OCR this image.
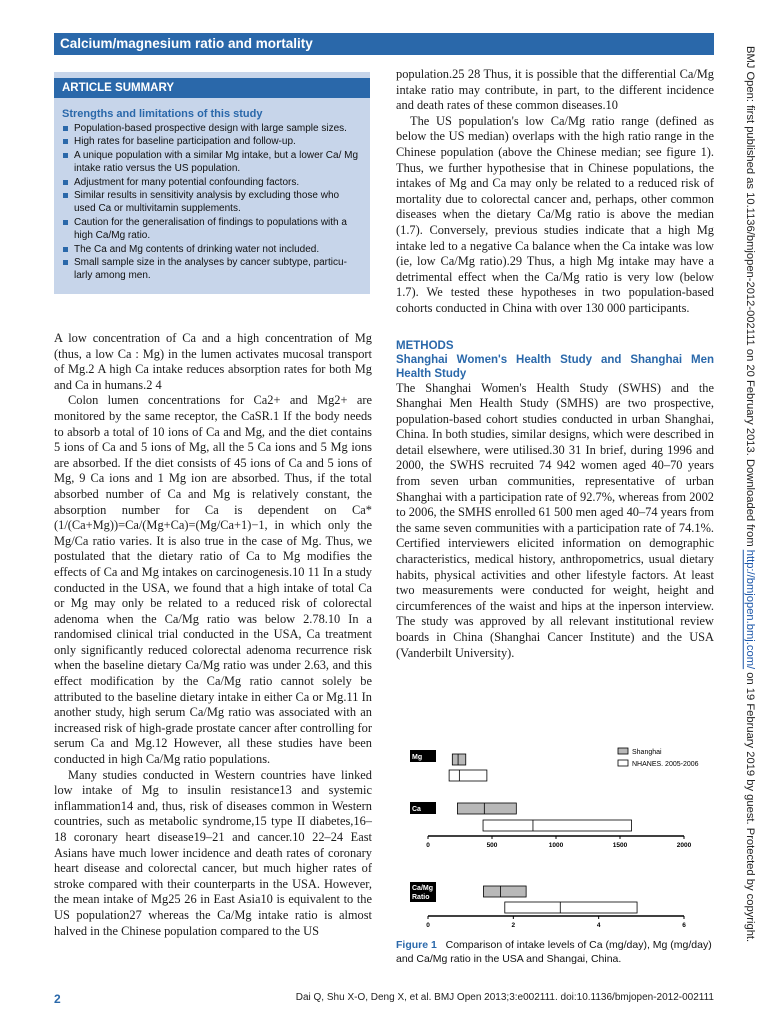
Calcium/magnesium ratio and mortality
BMJ Open: first published as 10.1136/bmjopen-2012-002111 on 20 February 2013. Downloaded from http://bmjopen.bmj.com/ on 19 February 2019 by guest. Protected by copyright.
ARTICLE SUMMARY
Strengths and limitations of this study
Population-based prospective design with large sample sizes.
High rates for baseline participation and follow-up.
A unique population with a similar Mg intake, but a lower Ca/ Mg intake ratio versus the US population.
Adjustment for many potential confounding factors.
Similar results in sensitivity analysis by excluding those who used Ca or multivitamin supplements.
Caution for the generalisation of findings to populations with a high Ca/Mg ratio.
The Ca and Mg contents of drinking water not included.
Small sample size in the analyses by cancer subtype, particu- larly among men.

A low concentration of Ca and a high concentration of Mg (thus, a low Ca : Mg) in the lumen activates mucosal transport of Mg.2 A high Ca intake reduces absorption rates for both Mg and Ca in humans.2 4

Colon lumen concentrations for Ca2+ and Mg2+ are monitored by the same receptor, the CaSR.1 If the body needs to absorb a total of 10 ions of Ca and Mg, and the diet contains 5 ions of Ca and 5 ions of Mg, all the 5 Ca ions and 5 Mg ions are absorbed. If the diet consists of 45 ions of Ca and 5 ions of Mg, 9 Ca ions and 1 Mg ion are absorbed. Thus, if the total absorbed number of Ca and Mg is relatively constant, the absorption number for Ca is dependent on Ca*(1/(Ca+Mg))=Ca/(Mg+Ca)=(Mg/Ca+1)−1, in which only the Mg/Ca ratio varies. It is also true in the case of Mg. Thus, we postulated that the dietary ratio of Ca to Mg modifies the effects of Ca and Mg intakes on carcinogenesis.10 11 In a study conducted in the USA, we found that a high intake of total Ca or Mg may only be related to a reduced risk of colorectal adenoma when the Ca/Mg ratio was below 2.78.10 In a randomised clinical trial conducted in the USA, Ca treatment only significantly reduced colorectal adenoma recurrence risk when the baseline dietary Ca/Mg ratio was under 2.63, and this effect modification by the Ca/Mg ratio cannot solely be attributed to the baseline dietary intake in either Ca or Mg.11 In another study, high serum Ca/Mg ratio was associated with an increased risk of high-grade prostate cancer after controlling for serum Ca and Mg.12 However, all these studies have been conducted in high Ca/Mg ratio populations.

Many studies conducted in Western countries have linked low intake of Mg to insulin resistance13 and systemic inflammation14 and, thus, risk of diseases common in Western countries, such as metabolic syndrome,15 type II diabetes,16–18 coronary heart disease19–21 and cancer.10 22–24 East Asians have much lower incidence and death rates of coronary heart disease and colorectal cancer, but much higher rates of stroke compared with their counterparts in the USA. However, the mean intake of Mg25 26 in East Asia10 is equivalent to the US population27 whereas the Ca/Mg intake ratio is almost halved in the Chinese population compared to the US

population.25 28 Thus, it is possible that the differential Ca/Mg intake ratio may contribute, in part, to the different incidence and death rates of these common diseases.10

The US population's low Ca/Mg ratio range (defined as below the US median) overlaps with the high ratio range in the Chinese population (above the Chinese median; see figure 1). Thus, we further hypothesise that in Chinese populations, the intakes of Mg and Ca may only be related to a reduced risk of mortality due to colorectal cancer and, perhaps, other common diseases when the dietary Ca/Mg ratio is above the median (1.7). Conversely, previous studies indicate that a high Mg intake led to a negative Ca balance when the Ca intake was low (ie, low Ca/Mg ratio).29 Thus, a high Mg intake may have a detrimental effect when the Ca/Mg ratio is very low (below 1.7). We tested these hypotheses in two population-based cohorts conducted in China with over 130 000 participants.

METHODS
Shanghai Women's Health Study and Shanghai Men Health Study

The Shanghai Women's Health Study (SWHS) and the Shanghai Men Health Study (SMHS) are two prospective, population-based cohort studies conducted in urban Shanghai, China. In both studies, similar designs, which were described in detail elsewhere, were utilised.30 31 In brief, during 1996 and 2000, the SWHS recruited 74 942 women aged 40–70 years from seven urban communities, representative of urban Shanghai with a participation rate of 92.7%, whereas from 2002 to 2006, the SMHS enrolled 61 500 men aged 40–74 years from the same seven communities with a participation rate of 74.1%. Certified interviewers elicited information on demographic characteristics, medical history, anthropometrics, usual dietary habits, physical activities and other lifestyle factors. At least two measurements were conducted for weight, height and circumferences of the waist and hips at the inperson interview. The study was approved by all relevant institutional review boards in China (Shanghai Cancer Institute) and the USA (Vanderbilt University).

Shanghai
NHANES. 2005-2006
Mg
Ca
Ca/Mg
Ratio
0	500	1000	1500	2000
0	2	4	6
Figure 1 Comparison of intake levels of Ca (mg/day), Mg (mg/day) and Ca/Mg ratio in the USA and Shangai, China.
2	Dai Q, Shu X-O, Deng X, et al. BMJ Open 2013;3:e002111. doi:10.1136/bmjopen-2012-002111
